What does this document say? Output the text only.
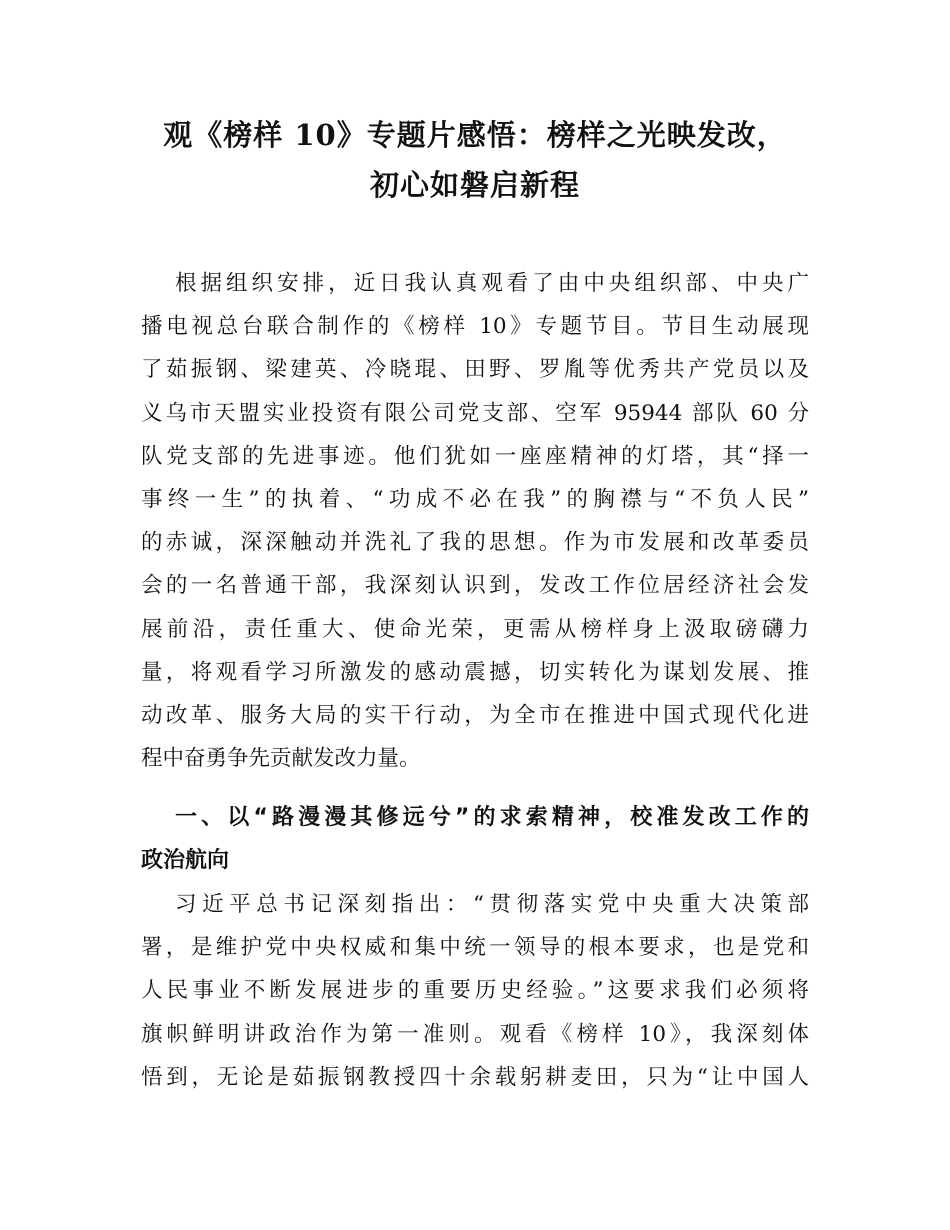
观《榜样 10》专题片感悟：榜样之光映发改，
初心如磐启新程
根据组织安排，近日我认真观看了由中央组织部、中央广
播电视总台联合制作的《榜样 10》专题节目。节目生动展现
了茹振钢、梁建英、冷晓琨、田野、罗胤等优秀共产党员以及
义乌市天盟实业投资有限公司党支部、空军 95944 部队 60 分
队党支部的先进事迹。他们犹如一座座精神的灯塔，其“择一
事终一生”的执着、“功成不必在我”的胸襟与“不负人民”
的赤诚，深深触动并洗礼了我的思想。作为市发展和改革委员
会的一名普通干部，我深刻认识到，发改工作位居经济社会发
展前沿，责任重大、使命光荣，更需从榜样身上汲取磅礴力
量，将观看学习所激发的感动震撼，切实转化为谋划发展、推
动改革、服务大局的实干行动，为全市在推进中国式现代化进
程中奋勇争先贡献发改力量。
一、以“路漫漫其修远兮”的求索精神，校准发改工作的
政治航向
习近平总书记深刻指出：“贯彻落实党中央重大决策部
署，是维护党中央权威和集中统一领导的根本要求，也是党和
人民事业不断发展进步的重要历史经验。”这要求我们必须将
旗帜鲜明讲政治作为第一准则。观看《榜样 10》，我深刻体
悟到，无论是茹振钢教授四十余载躬耕麦田，只为“让中国人
